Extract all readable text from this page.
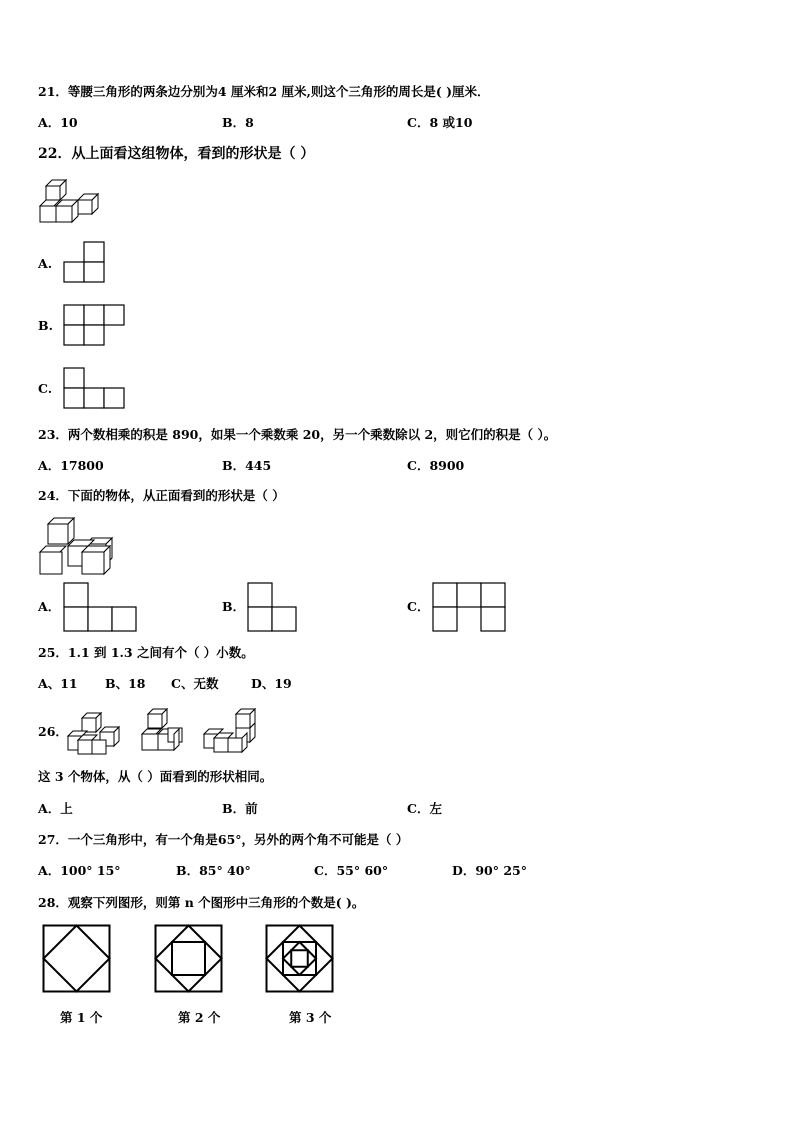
21．等腰三角形的两条边分别为4 厘米和2 厘米,则这个三角形的周长是( )厘米．
A．10	B．8	C．8 或10
22．从上面看这组物体，看到的形状是（ ）
A.
B.
C.
23．两个数相乘的积是 890，如果一个乘数乘 20，另一个乘数除以 2，则它们的积是（ ）。
A．17800	B．445	C．8900
24．下面的物体，从正面看到的形状是（ ）
A．	B．	C．
25．1.1 到 1.3 之间有个（ ）小数。
A、11 B、18 C、无数	D、19
26．
这 3 个物体，从（ ）面看到的形状相同。
A．上	B．前	C．左
27．一个三角形中，有一个角是65°，另外的两个角不可能是（ ）
A．100° 15°	B．85° 40°	C．55° 60°	D．90° 25°
28．观察下列图形，则第 n 个图形中三角形的个数是( )。
第 1 个	第 2 个	第 3 个
